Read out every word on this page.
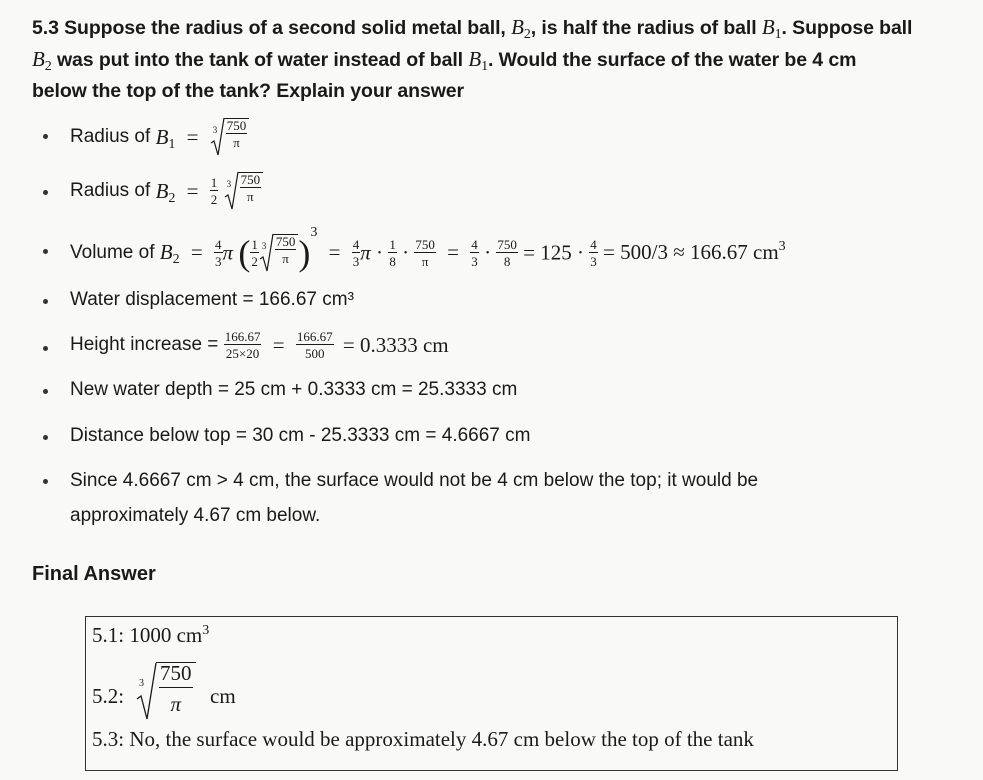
5.3 Suppose the radius of a second solid metal ball, $B_2$, is half the radius of ball $B_1$. Suppose ball
$B_2$ was put into the tank of water instead of ball $B_1$. Would the surface of the water be 4 cm
below the top of the tank? Explain your answer
Radius of $B_1 = 3 \frac{750}{\pi}$
Radius of $B_2 = \frac{1}{2}$
$3 \frac{750}{\pi}$
Volume of $B_2 = \frac{4}{3}$ π ( $\frac{1}{2} 3 \frac{750}{\pi} )^3 = \frac{4}{3}$ $\pi \cdot \frac{1}{8} \cdot \frac{750}{\pi} = \frac{4}{3} \cdot \frac{750}{8} = 125 \cdot \frac{4}{3} = 500/3 \approx 166.67$ $cm^3$
Water displacement = 166.67 cm³
Height increase = $\frac{166.67}{25\times 20} = \frac{166.67}{500} = 0.3333$ cm
New water depth = 25 cm + 0.3333 cm = 25.3333 cm
Distance below top = 30 cm - 25.3333 cm = 4.6667 cm
Since 4.6667 cm > 4 cm, the surface would not be 4 cm below the top; it would be
approximately 4.67 cm below.
Final Answer
5.1: 1000 $cm^3$
5.2:
$3 \frac{750}{\pi}$ cm
5.3: No, the surface would be approximately 4.67 cm below the top of the tank
